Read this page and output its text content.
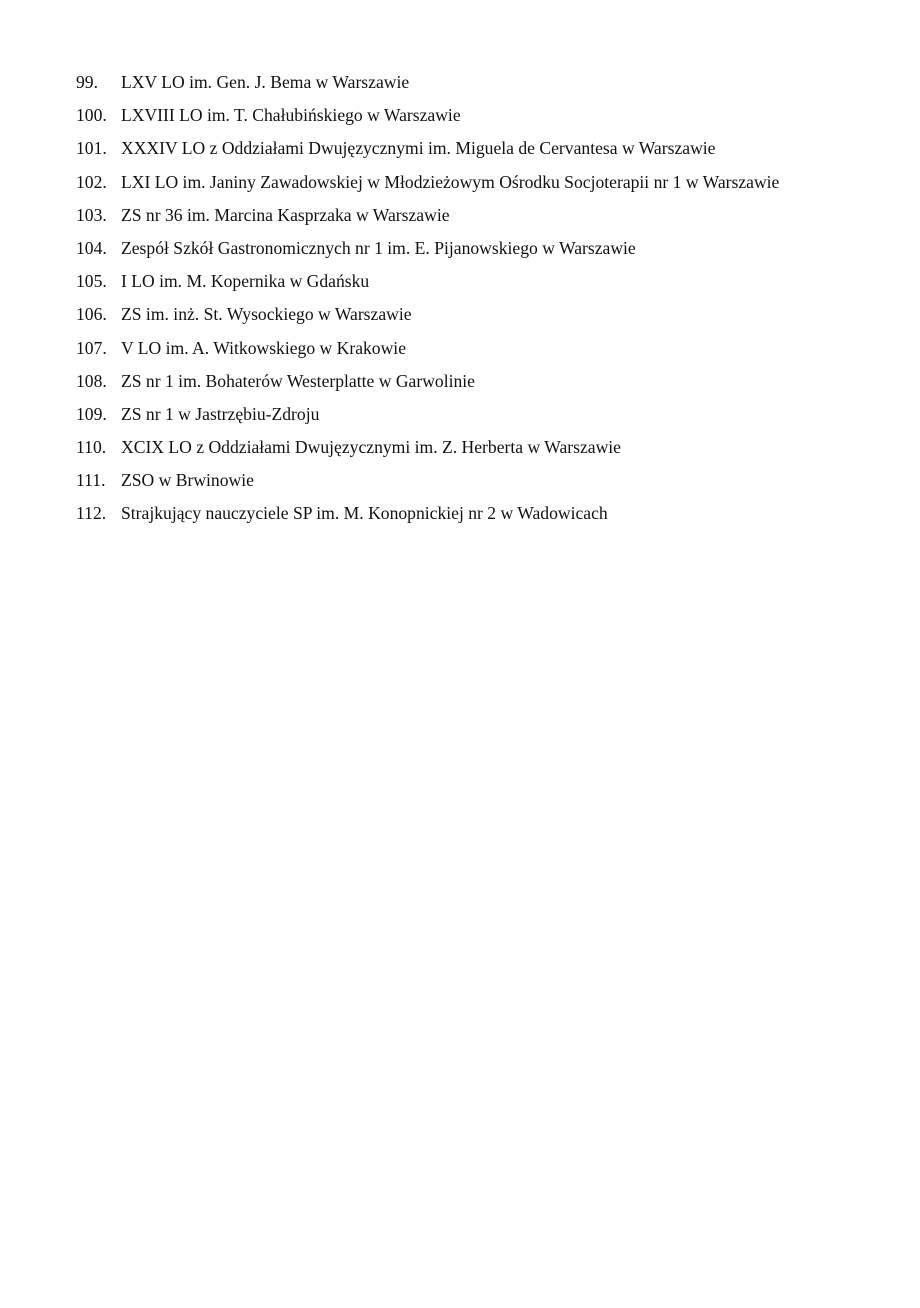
99.	LXV LO im. Gen. J. Bema w Warszawie
100. LXVIII LO im. T. Chałubińskiego w Warszawie
101. XXXIV LO z Oddziałami Dwujęzycznymi im. Miguela de Cervantesa w Warszawie
102. LXI LO im. Janiny Zawadowskiej w Młodzieżowym Ośrodku Socjoterapii nr 1 w Warszawie
103. ZS nr 36 im. Marcina Kasprzaka w Warszawie
104. Zespół Szkół Gastronomicznych nr 1 im. E. Pijanowskiego w Warszawie
105. I LO im. M. Kopernika w Gdańsku
106. ZS im. inż. St. Wysockiego w Warszawie
107. V LO im. A. Witkowskiego w Krakowie
108. ZS nr 1 im. Bohaterów Westerplatte w Garwolinie
109. ZS nr 1 w Jastrzębiu-Zdroju
110. XCIX LO z Oddziałami Dwujęzycznymi im. Z. Herberta w Warszawie
111. ZSO w Brwinowie
112. Strajkujący nauczyciele SP im. M. Konopnickiej nr 2 w Wadowicach
